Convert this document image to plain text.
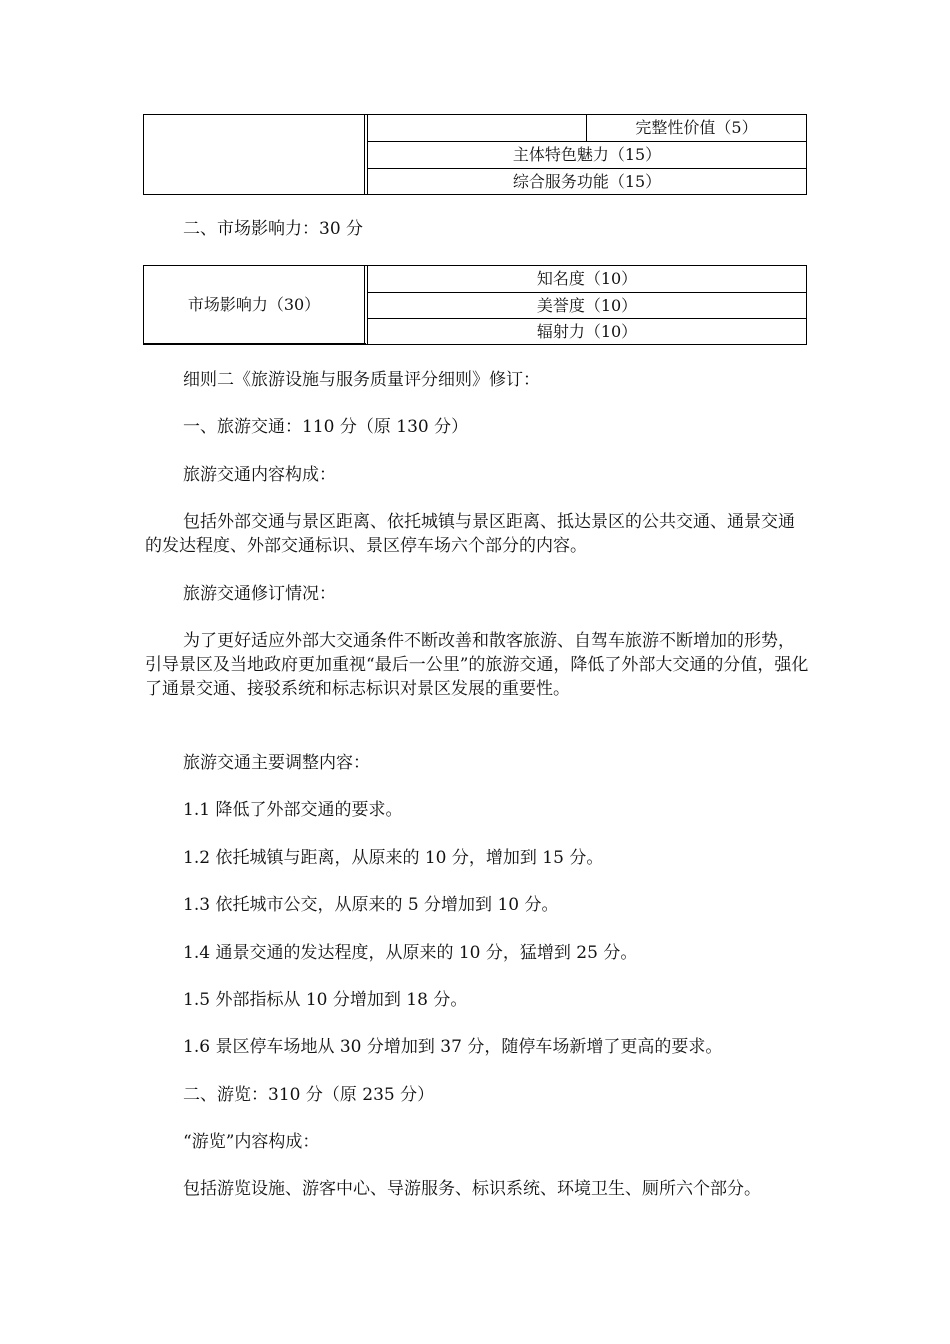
完整性价值（5）
主体特色魅力（15）
综合服务功能（15）

二、市场影响力：30 分

市场影响力（30）
知名度（10）
美誉度（10）
辐射力（10）

细则二《旅游设施与服务质量评分细则》修订：

一、旅游交通：110 分（原 130 分）

旅游交通内容构成：

包括外部交通与景区距离、依托城镇与景区距离、抵达景区的公共交通、通景交通的发达程度、外部交通标识、景区停车场六个部分的内容。

旅游交通修订情况：

为了更好适应外部大交通条件不断改善和散客旅游、自驾车旅游不断增加的形势，引导景区及当地政府更加重视“最后一公里”的旅游交通，降低了外部大交通的分值，强化了通景交通、接驳系统和标志标识对景区发展的重要性。

旅游交通主要调整内容：

1.1 降低了外部交通的要求。

1.2 依托城镇与距离，从原来的 10 分，增加到 15 分。

1.3 依托城市公交，从原来的 5 分增加到 10 分。

1.4 通景交通的发达程度，从原来的 10 分，猛增到 25 分。

1.5 外部指标从 10 分增加到 18 分。

1.6 景区停车场地从 30 分增加到 37 分，随停车场新增了更高的要求。

二、游览：310 分（原 235 分）

“游览”内容构成：

包括游览设施、游客中心、导游服务、标识系统、环境卫生、厕所六个部分。
